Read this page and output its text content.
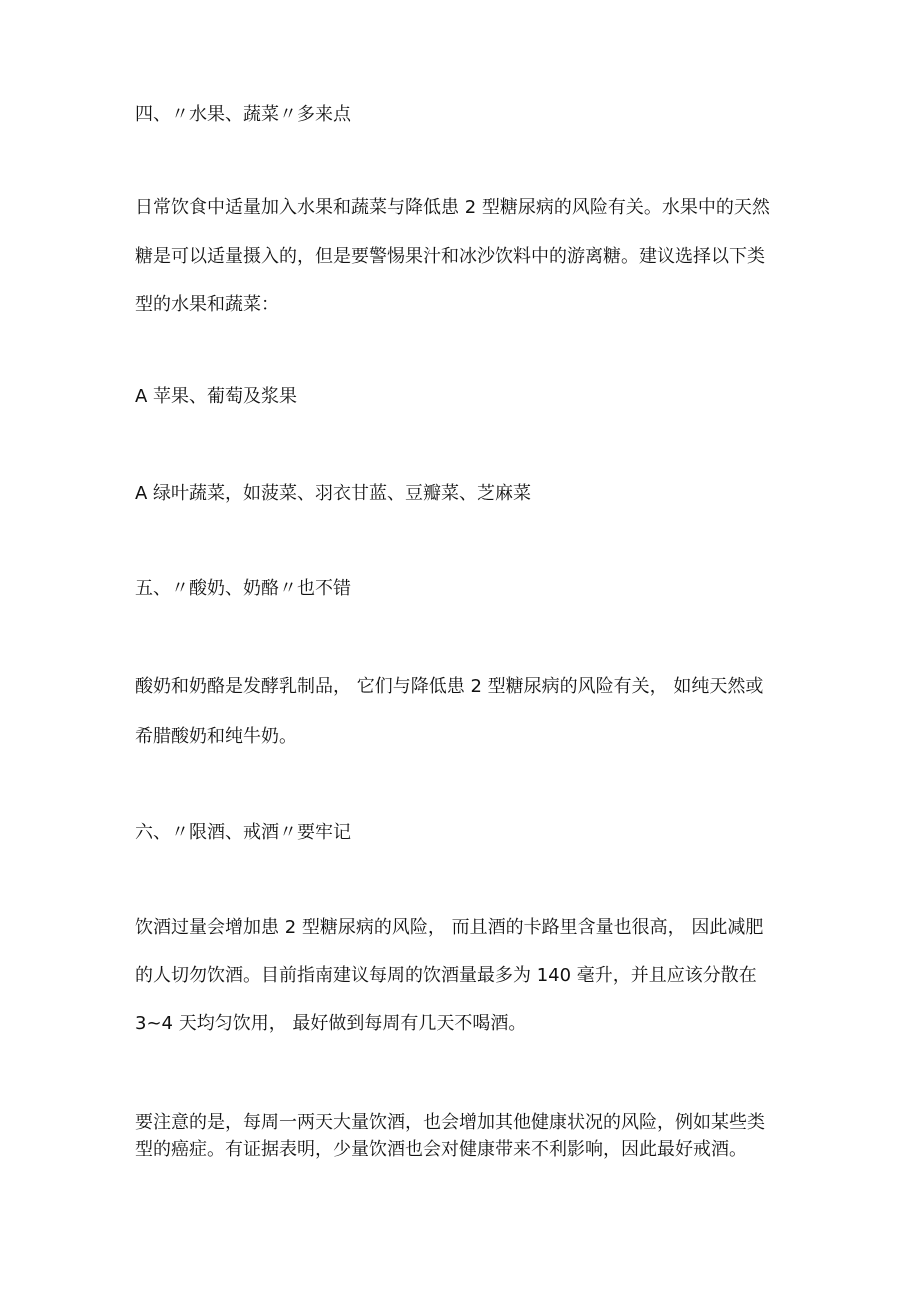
四、〃水果、蔬菜〃多来点
日常饮食中适量加入水果和蔬菜与降低患 2 型糖尿病的风险有关。水果中的天然
糖是可以适量摄入的，但是要警惕果汁和冰沙饮料中的游离糖。建议选择以下类
型的水果和蔬菜：
A 苹果、葡萄及浆果
A 绿叶蔬菜，如菠菜、羽衣甘蓝、豆瓣菜、芝麻菜
五、〃酸奶、奶酪〃也不错
酸奶和奶酪是发酵乳制品， 它们与降低患 2 型糖尿病的风险有关， 如纯天然或
希腊酸奶和纯牛奶。
六、〃限酒、戒酒〃要牢记
饮酒过量会增加患 2 型糖尿病的风险， 而且酒的卡路里含量也很高， 因此减肥
的人切勿饮酒。目前指南建议每周的饮酒量最多为 140 毫升，并且应该分散在
3~4 天均匀饮用， 最好做到每周有几天不喝酒。
要注意的是，每周一两天大量饮酒，也会增加其他健康状况的风险，例如某些类
型的癌症。有证据表明，少量饮酒也会对健康带来不利影响，因此最好戒酒。
